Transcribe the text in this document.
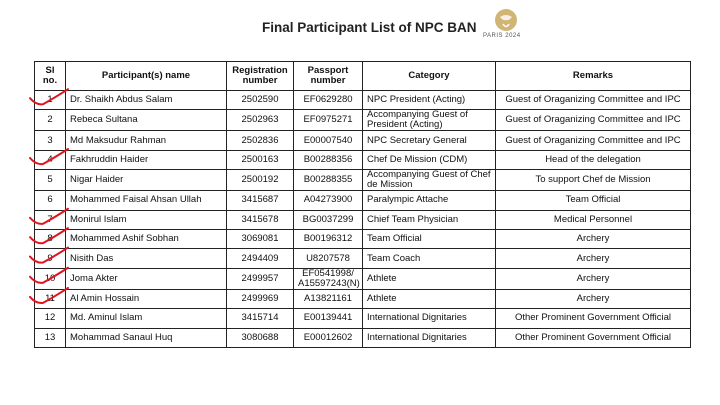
Final Participant List of NPC BAN
PARIS 2024
Sl no.	Participant(s) name	Registration number	Passport number	Category	Remarks
1	Dr. Shaikh Abdus Salam	2502590	EF0629280	NPC President (Acting)	Guest of Oraganizing Committee and IPC
2	Rebeca Sultana	2502963	EF0975271	Accompanying Guest of President (Acting)	Guest of Oraganizing Committee and IPC
3	Md Maksudur Rahman	2502836	E00007540	NPC Secretary General	Guest of Oraganizing Committee and IPC
4	Fakhruddin Haider	2500163	B00288356	Chef De Mission (CDM)	Head of the delegation
5	Nigar Haider	2500192	B00288355	Accompanying Guest of Chef de Mission	To support Chef de Mission
6	Mohammed Faisal Ahsan Ullah	3415687	A04273900	Paralympic Attache	Team Official
7	Monirul Islam	3415678	BG0037299	Chief Team Physician	Medical Personnel
8	Mohammed Ashif Sobhan	3069081	B00196312	Team Official	Archery
9	Nisith Das	2494409	U8207578	Team Coach	Archery
10	Joma Akter	2499957	EF0541998/ A15597243(N)	Athlete	Archery
11	Al Amin Hossain	2499969	A13821161	Athlete	Archery
12	Md. Aminul Islam	3415714	E00139441	International Dignitaries	Other Prominent Government Official
13	Mohammad Sanaul Huq	3080688	E00012602	International Dignitaries	Other Prominent Government Official
